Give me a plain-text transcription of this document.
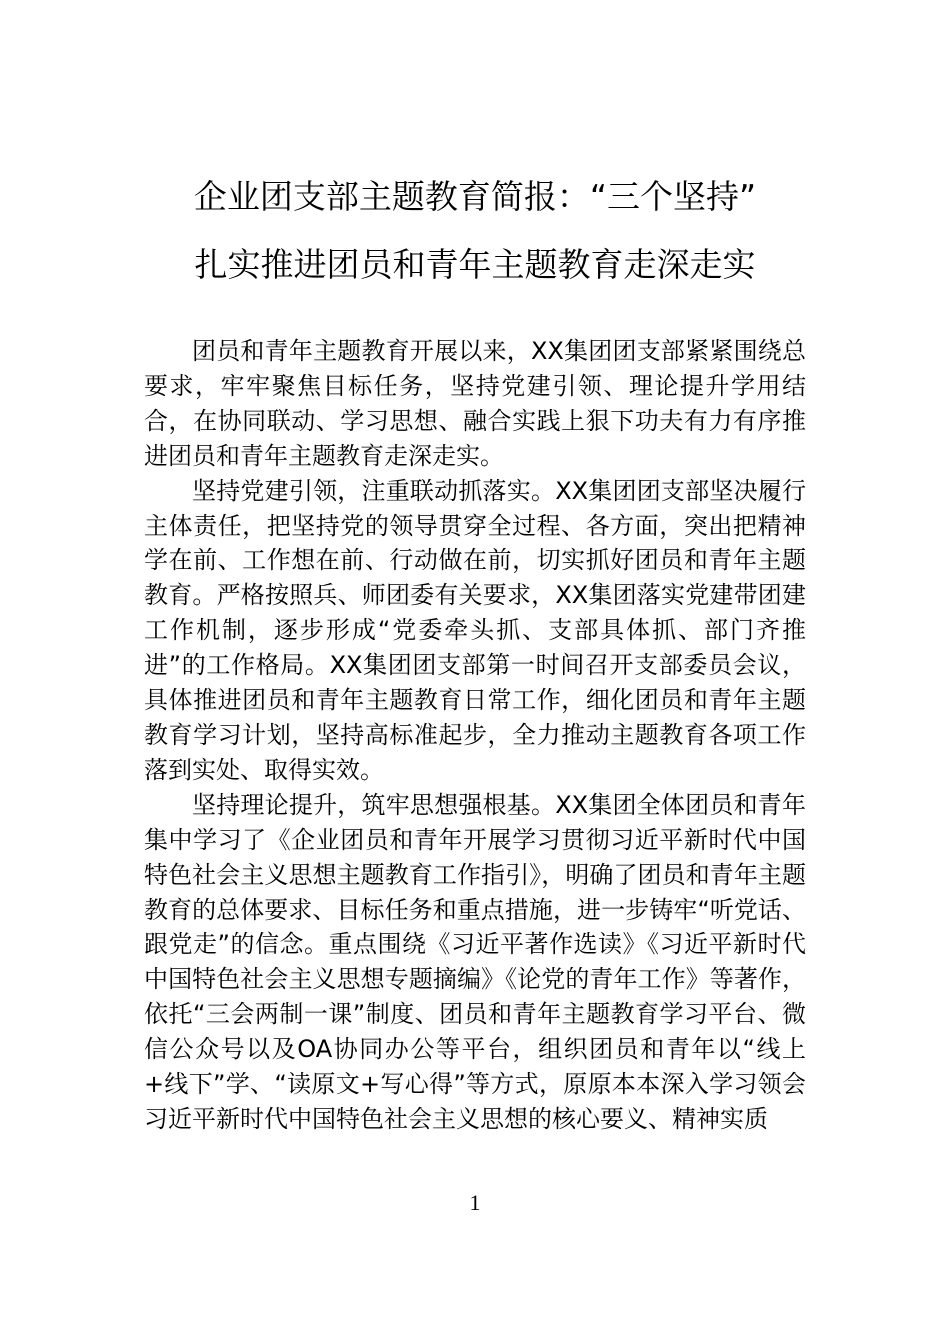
企业团支部主题教育简报：“三个坚持”
扎实推进团员和青年主题教育走深走实

团员和青年主题教育开展以来，XX集团团支部紧紧围绕总要求，牢牢聚焦目标任务，坚持党建引领、理论提升学用结合，在协同联动、学习思想、融合实践上狠下功夫有力有序推进团员和青年主题教育走深走实。

坚持党建引领，注重联动抓落实。XX集团团支部坚决履行主体责任，把坚持党的领导贯穿全过程、各方面，突出把精神学在前、工作想在前、行动做在前，切实抓好团员和青年主题教育。严格按照兵、师团委有关要求，XX集团落实党建带团建工作机制，逐步形成“党委牵头抓、支部具体抓、部门齐推进”的工作格局。XX集团团支部第一时间召开支部委员会议，具体推进团员和青年主题教育日常工作，细化团员和青年主题教育学习计划，坚持高标准起步，全力推动主题教育各项工作落到实处、取得实效。

坚持理论提升，筑牢思想强根基。XX集团全体团员和青年集中学习了《企业团员和青年开展学习贯彻习近平新时代中国特色社会主义思想主题教育工作指引》，明确了团员和青年主题教育的总体要求、目标任务和重点措施，进一步铸牢“听党话、跟党走”的信念。重点围绕《习近平著作选读》《习近平新时代中国特色社会主义思想专题摘编》《论党的青年工作》等著作，依托“三会两制一课”制度、团员和青年主题教育学习平台、微信公众号以及OA协同办公等平台，组织团员和青年以“线上+线下”学、“读原文+写心得”等方式，原原本本深入学习领会习近平新时代中国特色社会主义思想的核心要义、精神实质

1
